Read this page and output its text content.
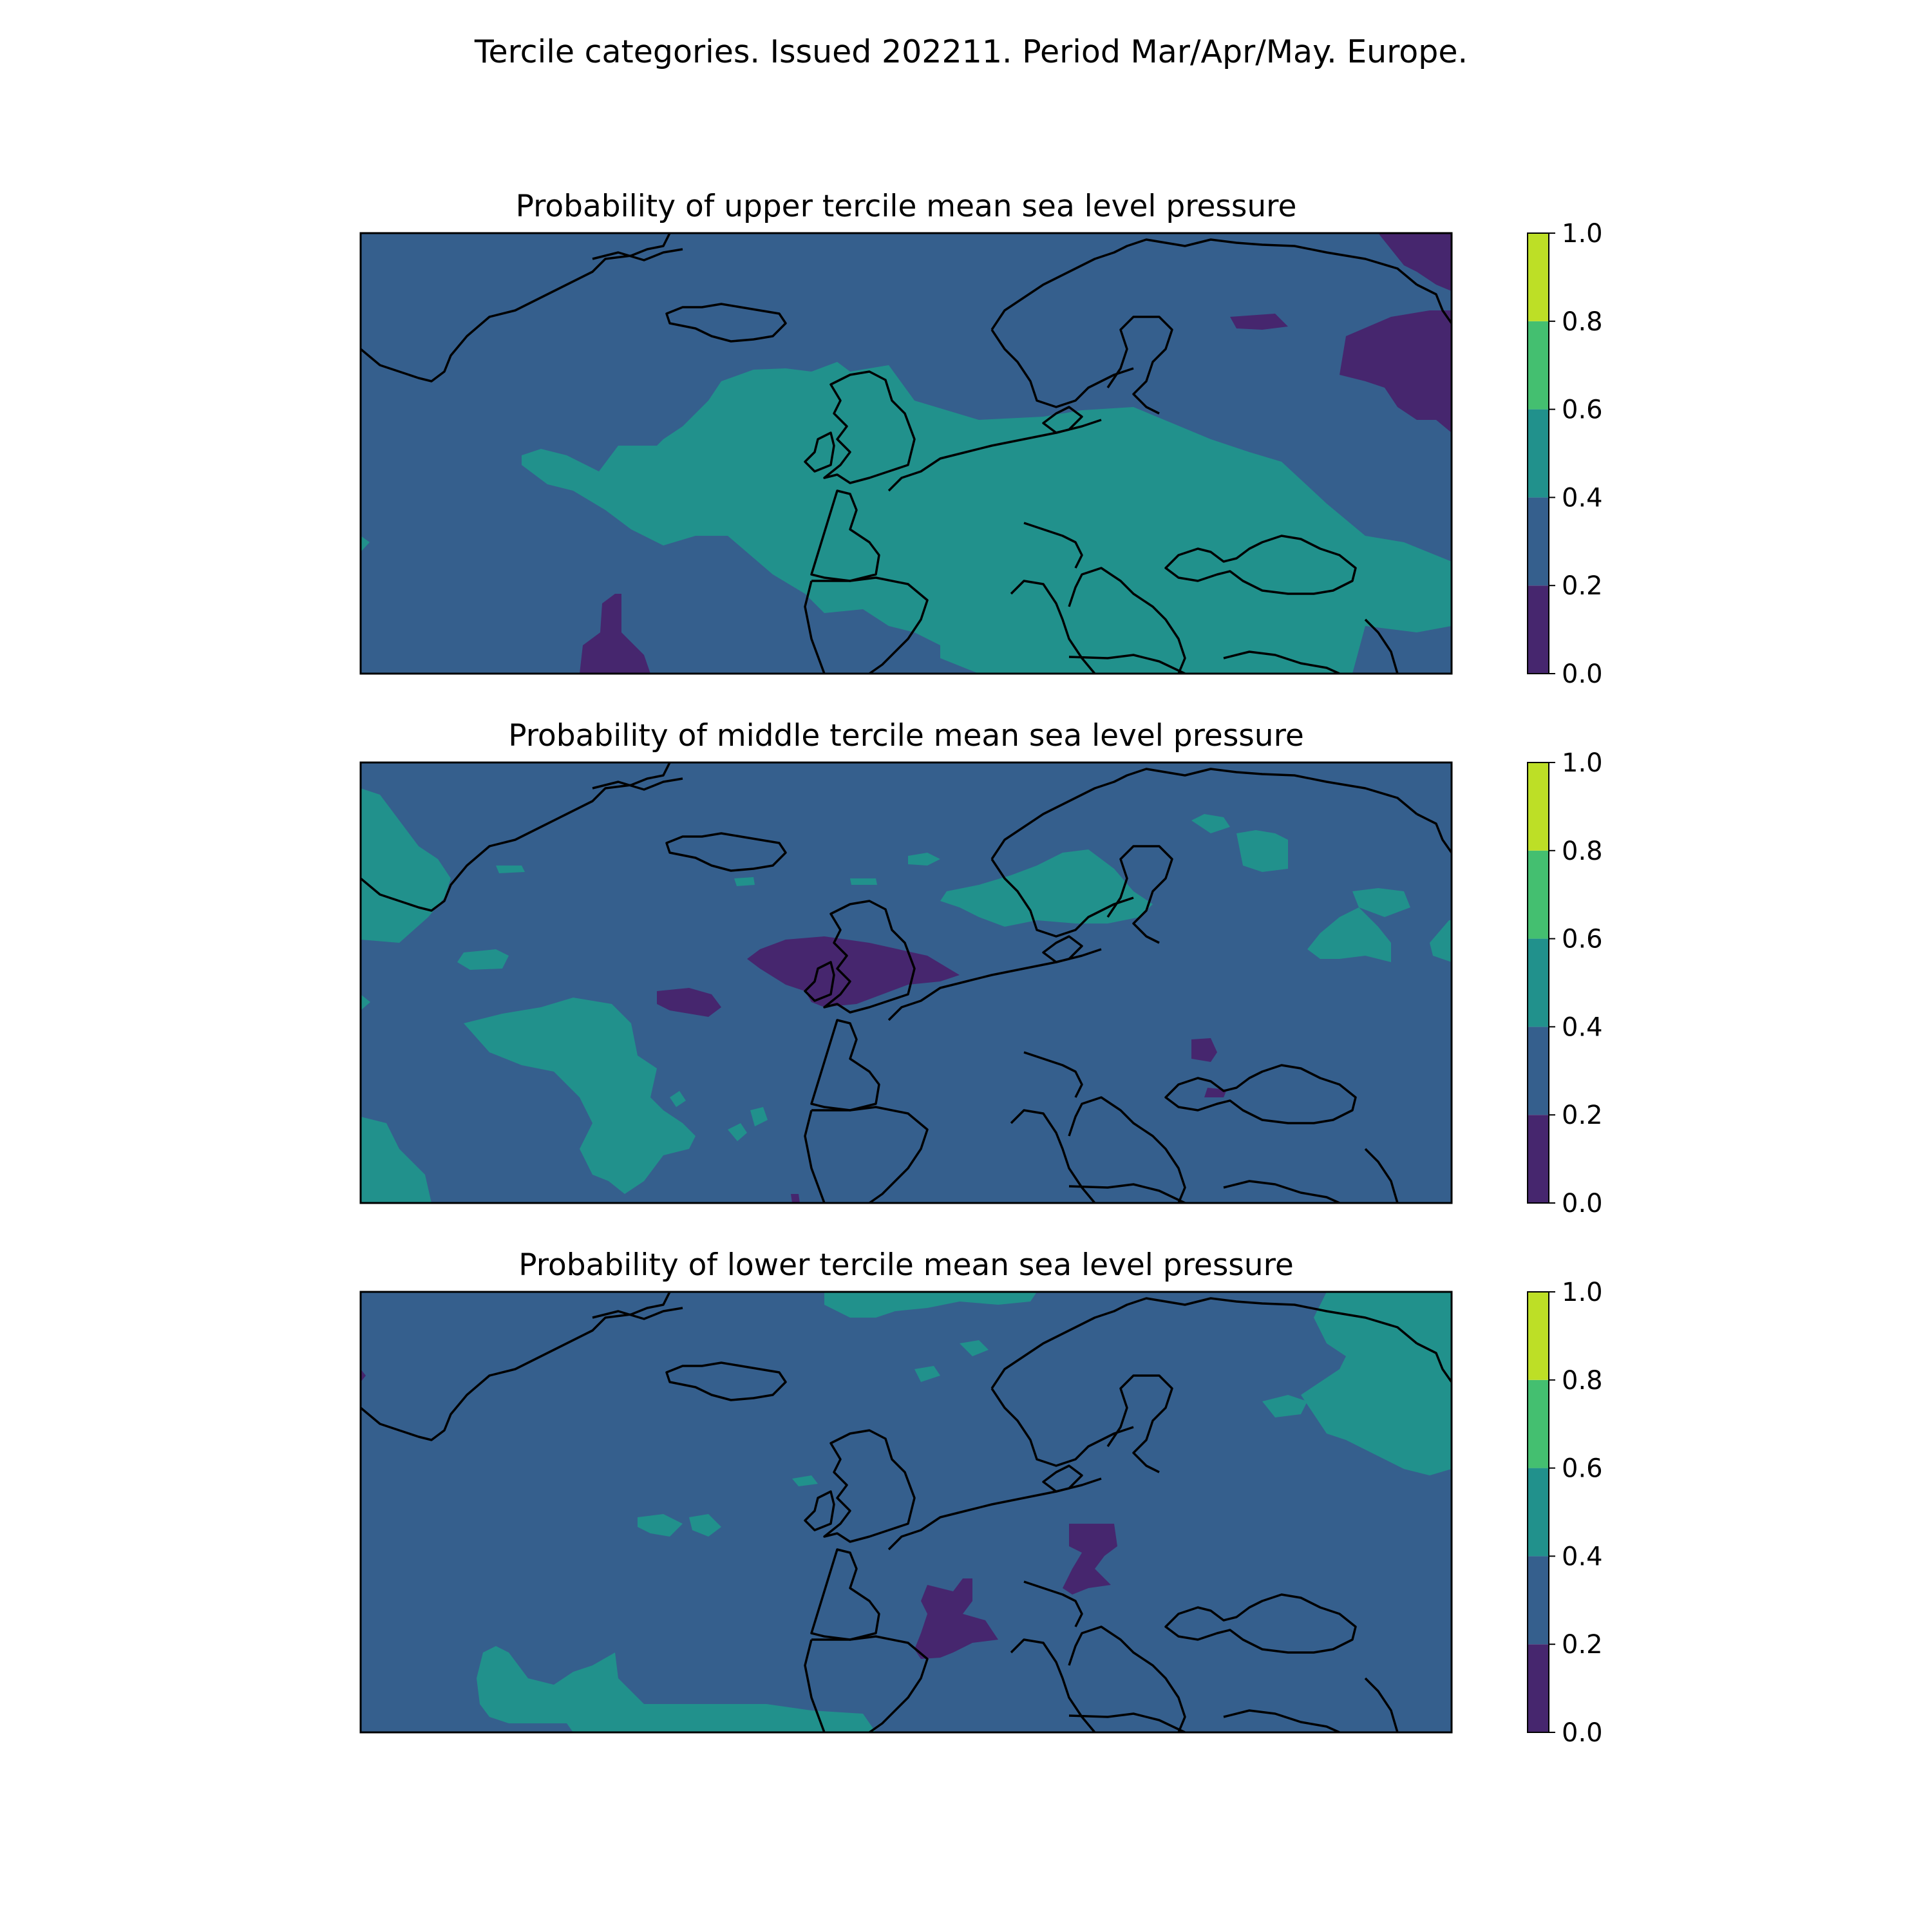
Tercile categories. Issued 202211. Period Mar/Apr/May. Europe.
Probability of upper tercile mean sea level pressure
0.0
0.2
0.4
0.6
0.8
1.0
Probability of middle tercile mean sea level pressure
0.0
0.2
0.4
0.6
0.8
1.0
Probability of lower tercile mean sea level pressure
0.0
0.2
0.4
0.6
0.8
1.0
